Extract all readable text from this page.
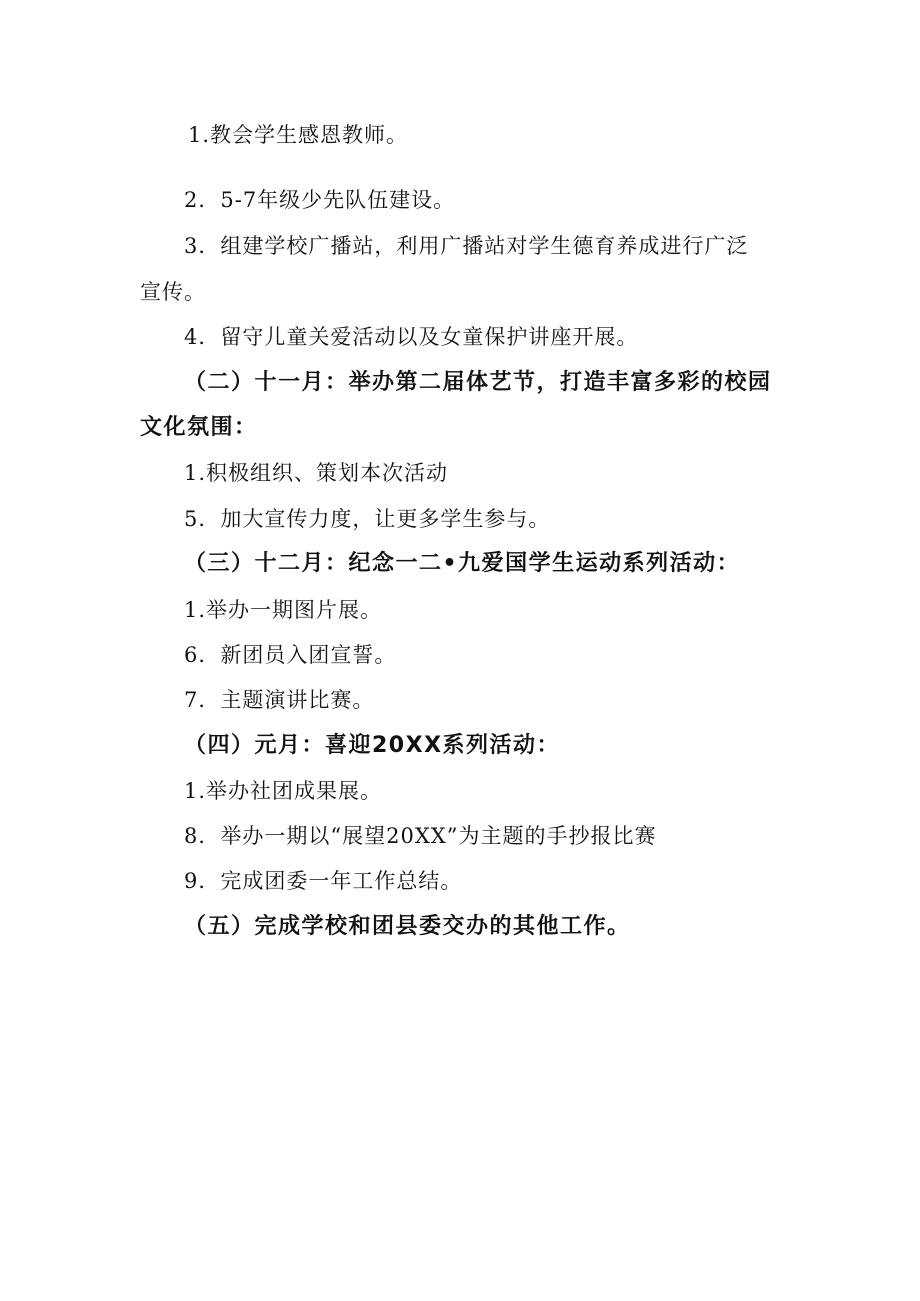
1.教会学生感恩教师。
2．5-7年级少先队伍建设。
3．组建学校广播站，利用广播站对学生德育养成进行广泛
宣传。
4．留守儿童关爱活动以及女童保护讲座开展。
（二）十一月：举办第二届体艺节，打造丰富多彩的校园
文化氛围：
1.积极组织、策划本次活动
5．加大宣传力度，让更多学生参与。
（三）十二月：纪念一二•九爱国学生运动系列活动：
1.举办一期图片展。
6．新团员入团宣誓。
7．主题演讲比赛。
（四）元月：喜迎20XX系列活动：
1.举办社团成果展。
8．举办一期以“展望20XX”为主题的手抄报比赛
9．完成团委一年工作总结。
（五）完成学校和团县委交办的其他工作。
